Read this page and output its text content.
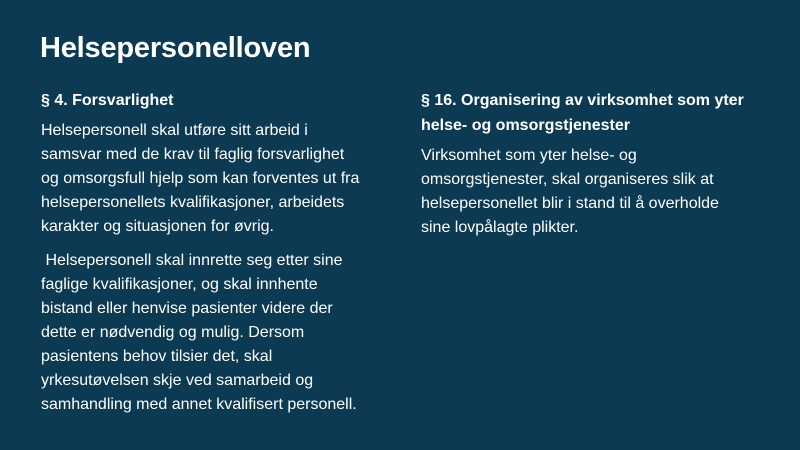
Helsepersonelloven
§ 4. Forsvarlighet
Helsepersonell skal utføre sitt arbeid i
samsvar med de krav til faglig forsvarlighet
og omsorgsfull hjelp som kan forventes ut fra
helsepersonellets kvalifikasjoner, arbeidets
karakter og situasjonen for øvrig.
Helsepersonell skal innrette seg etter sine
faglige kvalifikasjoner, og skal innhente
bistand eller henvise pasienter videre der
dette er nødvendig og mulig. Dersom
pasientens behov tilsier det, skal
yrkesutøvelsen skje ved samarbeid og
samhandling med annet kvalifisert personell.
§ 16. Organisering av virksomhet som yter
helse- og omsorgstjenester
Virksomhet som yter helse- og
omsorgstjenester, skal organiseres slik at
helsepersonellet blir i stand til å overholde
sine lovpålagte plikter.
